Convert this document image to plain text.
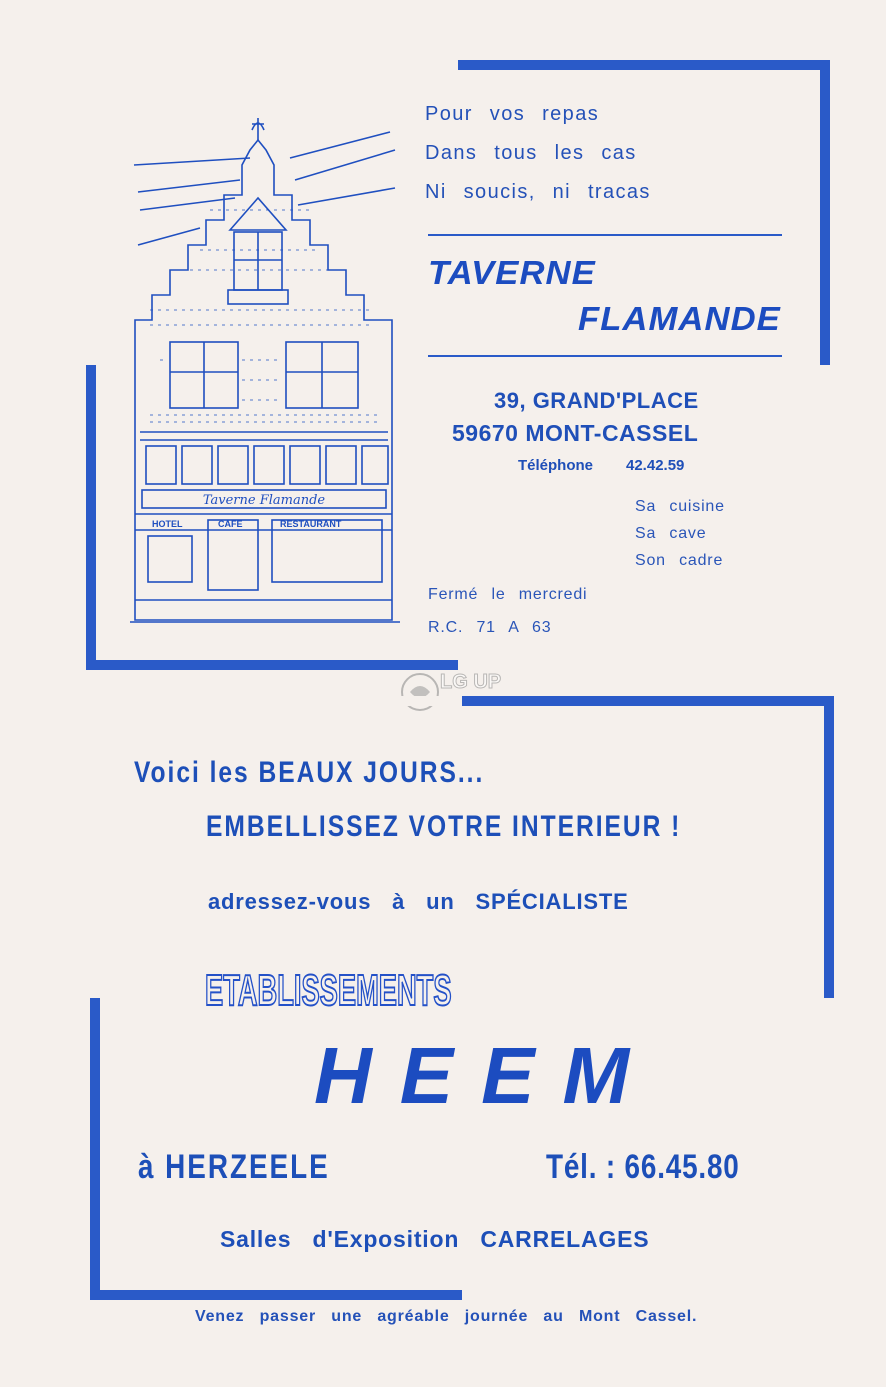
Taverne Flamande
HOTEL	CAFE	RESTAURANT
Pour vos repas
Dans tous les cas
Ni soucis, ni tracas
TAVERNE
FLAMANDE
39, GRAND'PLACE
59670 MONT-CASSEL
Téléphone 42.42.59
Sa cuisine
Sa cave
Son cadre
Fermé le mercredi
R.C. 71 A 63
LG UP
Voici les BEAUX JOURS...
EMBELLISSEZ VOTRE INTERIEUR !
adressez-vous à un SPÉCIALISTE
ETABLISSEMENTS
HEEM
à HERZEELE	Tél. : 66.45.80
Salles d'Exposition CARRELAGES
Venez passer une agréable journée au Mont Cassel.
